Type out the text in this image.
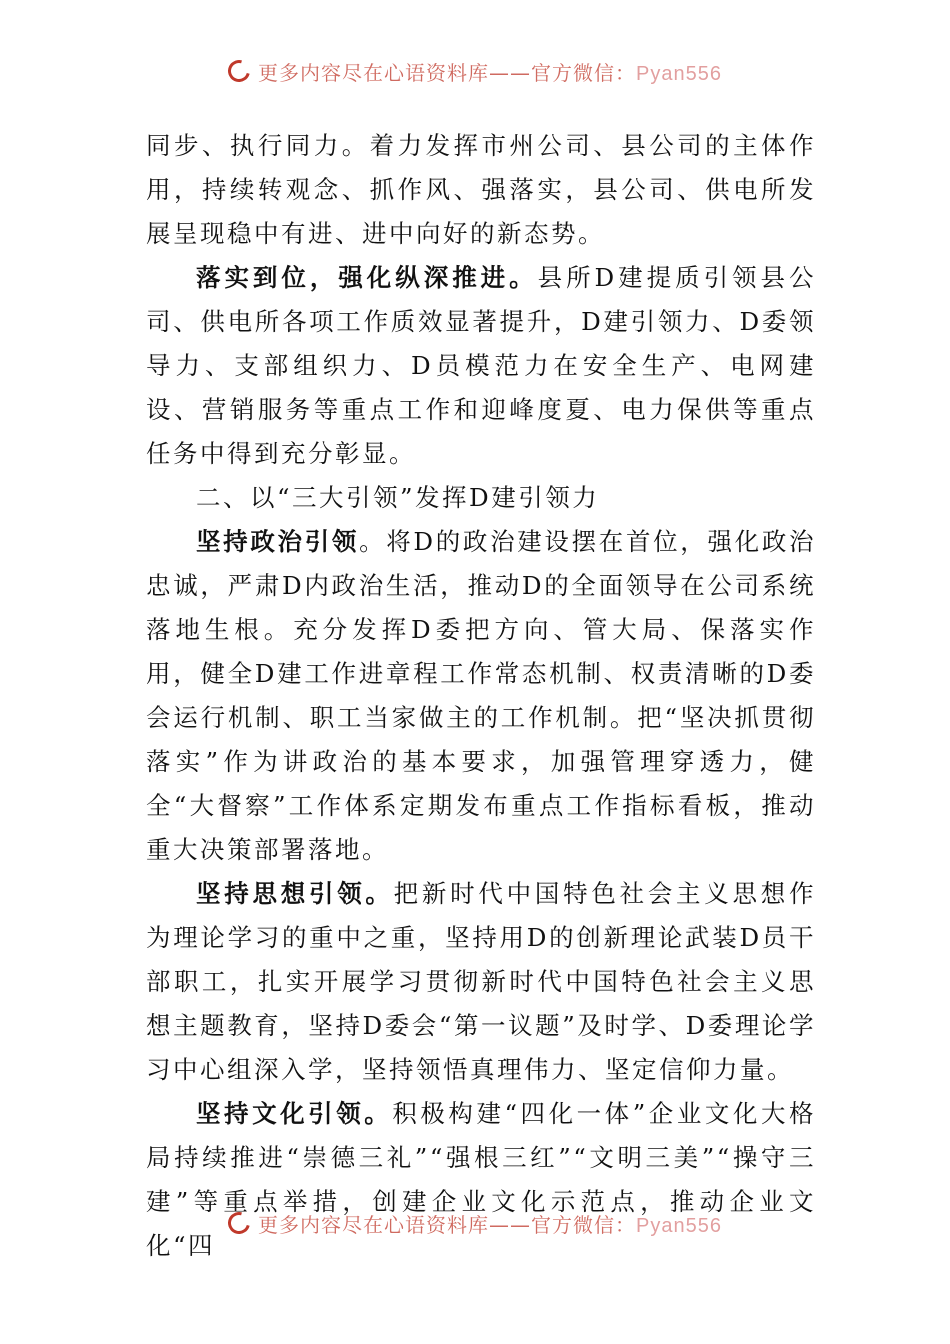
更多内容尽在心语资料库——官方微信：Pyan556

同步、执行同力。着力发挥市州公司、县公司的主体作用，持续转观念、抓作风、强落实，县公司、供电所发展呈现稳中有进、进中向好的新态势。

落实到位，强化纵深推进。县所D建提质引领县公司、供电所各项工作质效显著提升，D建引领力、D委领导力、支部组织力、D员模范力在安全生产、电网建设、营销服务等重点工作和迎峰度夏、电力保供等重点任务中得到充分彰显。

二、以“三大引领”发挥D建引领力

坚持政治引领。将D的政治建设摆在首位，强化政治忠诚，严肃D内政治生活，推动D的全面领导在公司系统落地生根。充分发挥D委把方向、管大局、保落实作用，健全D建工作进章程工作常态机制、权责清晰的D委会运行机制、职工当家做主的工作机制。把“坚决抓贯彻落实”作为讲政治的基本要求，加强管理穿透力，健全“大督察”工作体系定期发布重点工作指标看板，推动重大决策部署落地。

坚持思想引领。把新时代中国特色社会主义思想作为理论学习的重中之重，坚持用D的创新理论武装D员干部职工，扎实开展学习贯彻新时代中国特色社会主义思想主题教育，坚持D委会“第一议题”及时学、D委理论学习中心组深入学，坚持领悟真理伟力、坚定信仰力量。

坚持文化引领。积极构建“四化一体”企业文化大格局持续推进“崇德三礼”“强根三红”“文明三美”“操守三建”等重点举措，创建企业文化示范点，推动企业文化“四

更多内容尽在心语资料库——官方微信：Pyan556
